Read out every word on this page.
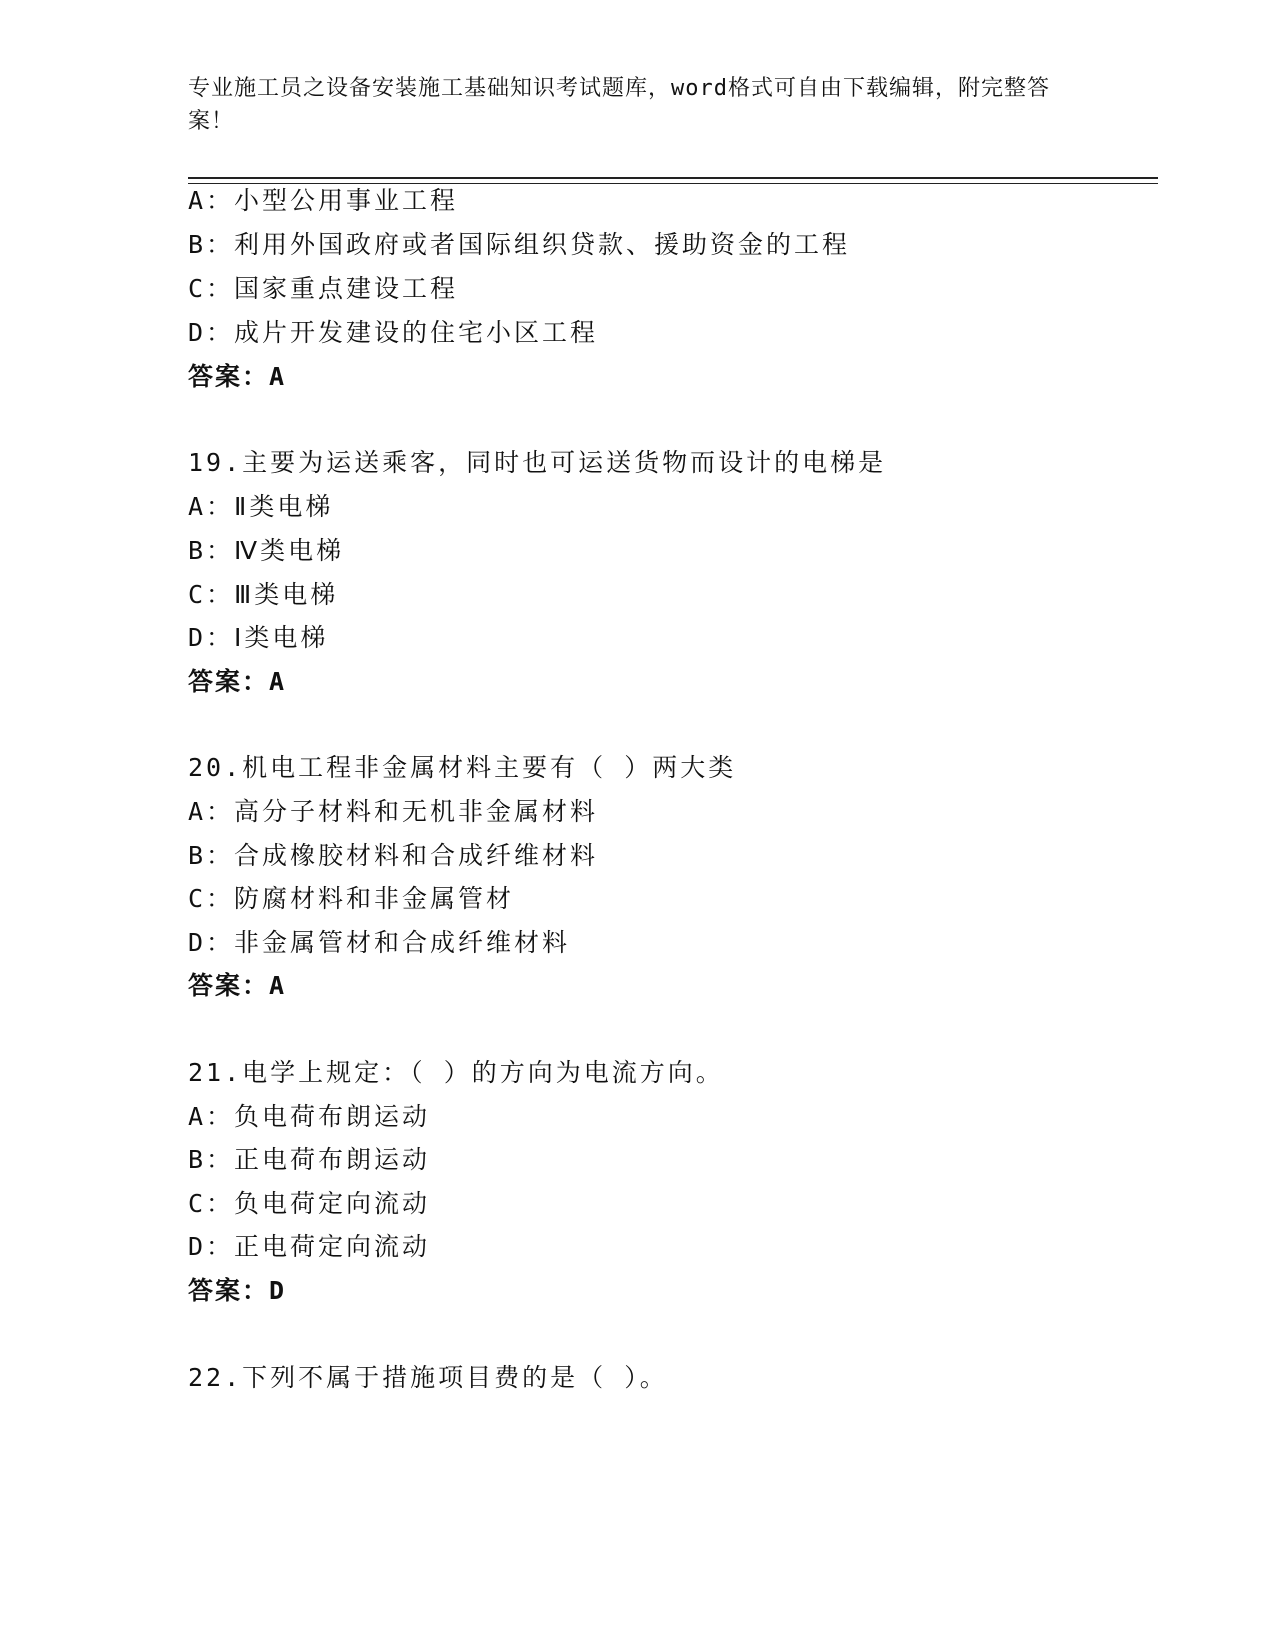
专业施工员之设备安装施工基础知识考试题库，word格式可自由下载编辑，附完整答案！

A：小型公用事业工程
B：利用外国政府或者国际组织贷款、援助资金的工程
C：国家重点建设工程
D：成片开发建设的住宅小区工程
答案：A
19.主要为运送乘客，同时也可运送货物而设计的电梯是
A：Ⅱ类电梯
B：Ⅳ类电梯
C：Ⅲ类电梯
D：Ⅰ类电梯
答案：A
20.机电工程非金属材料主要有（ ）两大类
A：高分子材料和无机非金属材料
B：合成橡胶材料和合成纤维材料
C：防腐材料和非金属管材
D：非金属管材和合成纤维材料
答案：A
21.电学上规定：（ ）的方向为电流方向。
A：负电荷布朗运动
B：正电荷布朗运动
C：负电荷定向流动
D：正电荷定向流动
答案：D
22.下列不属于措施项目费的是（ ）。
